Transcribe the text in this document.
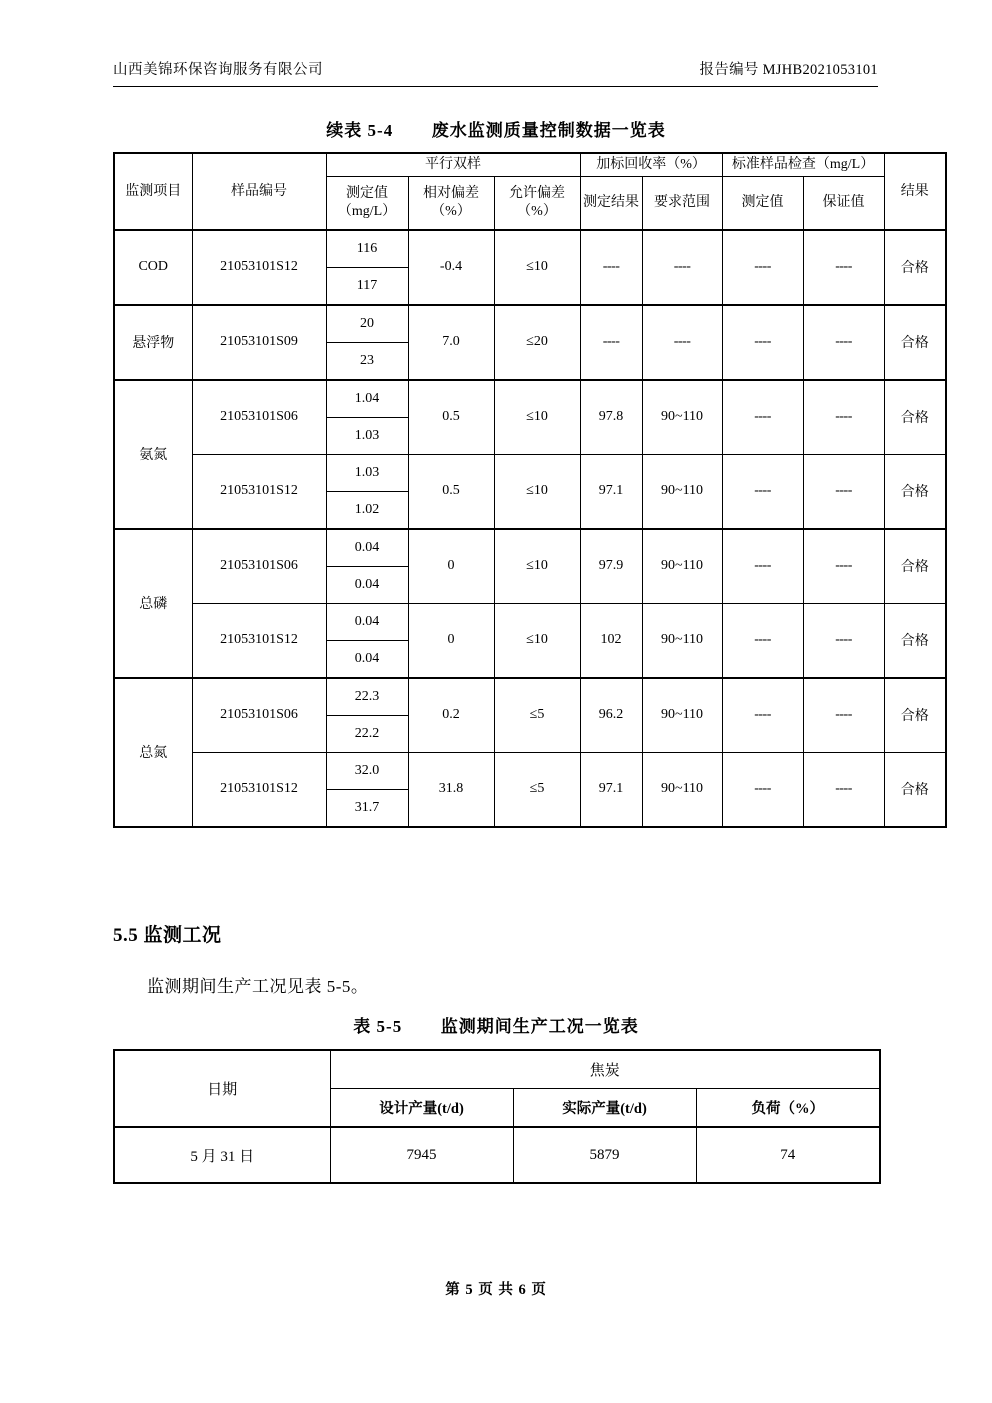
山西美锦环保咨询服务有限公司	报告编号 MJHB2021053101
续表 5-4 废水监测质量控制数据一览表
监测项目	样品编号	平行双样			加标回收率（%）		标准样品检查（mg/L）		结果
		测定值（mg/L）	相对偏差（%）	允许偏差（%）	测定结果	要求范围	测定值	保证值	
COD	21053101S12	116	-0.4	≤10	----	----	----	----	合格
		117							
悬浮物	21053101S09	20	7.0	≤20	----	----	----	----	合格
		23							
氨氮	21053101S06	1.04	0.5	≤10	97.8	90~110	----	----	合格
		1.03							
	21053101S12	1.03	0.5	≤10	97.1	90~110	----	----	合格
		1.02							
总磷	21053101S06	0.04	0	≤10	97.9	90~110	----	----	合格
		0.04							
	21053101S12	0.04	0	≤10	102	90~110	----	----	合格
		0.04							
总氮	21053101S06	22.3	0.2	≤5	96.2	90~110	----	----	合格
		22.2							
	21053101S12	32.0	31.8	≤5	97.1	90~110	----	----	合格
		31.7							
5.5 监测工况
监测期间生产工况见表 5-5。
表 5-5 监测期间生产工况一览表
日期	焦炭		
	设计产量(t/d)	实际产量(t/d)	负荷（%）
5 月 31 日	7945	5879	74
第 5 页 共 6 页
